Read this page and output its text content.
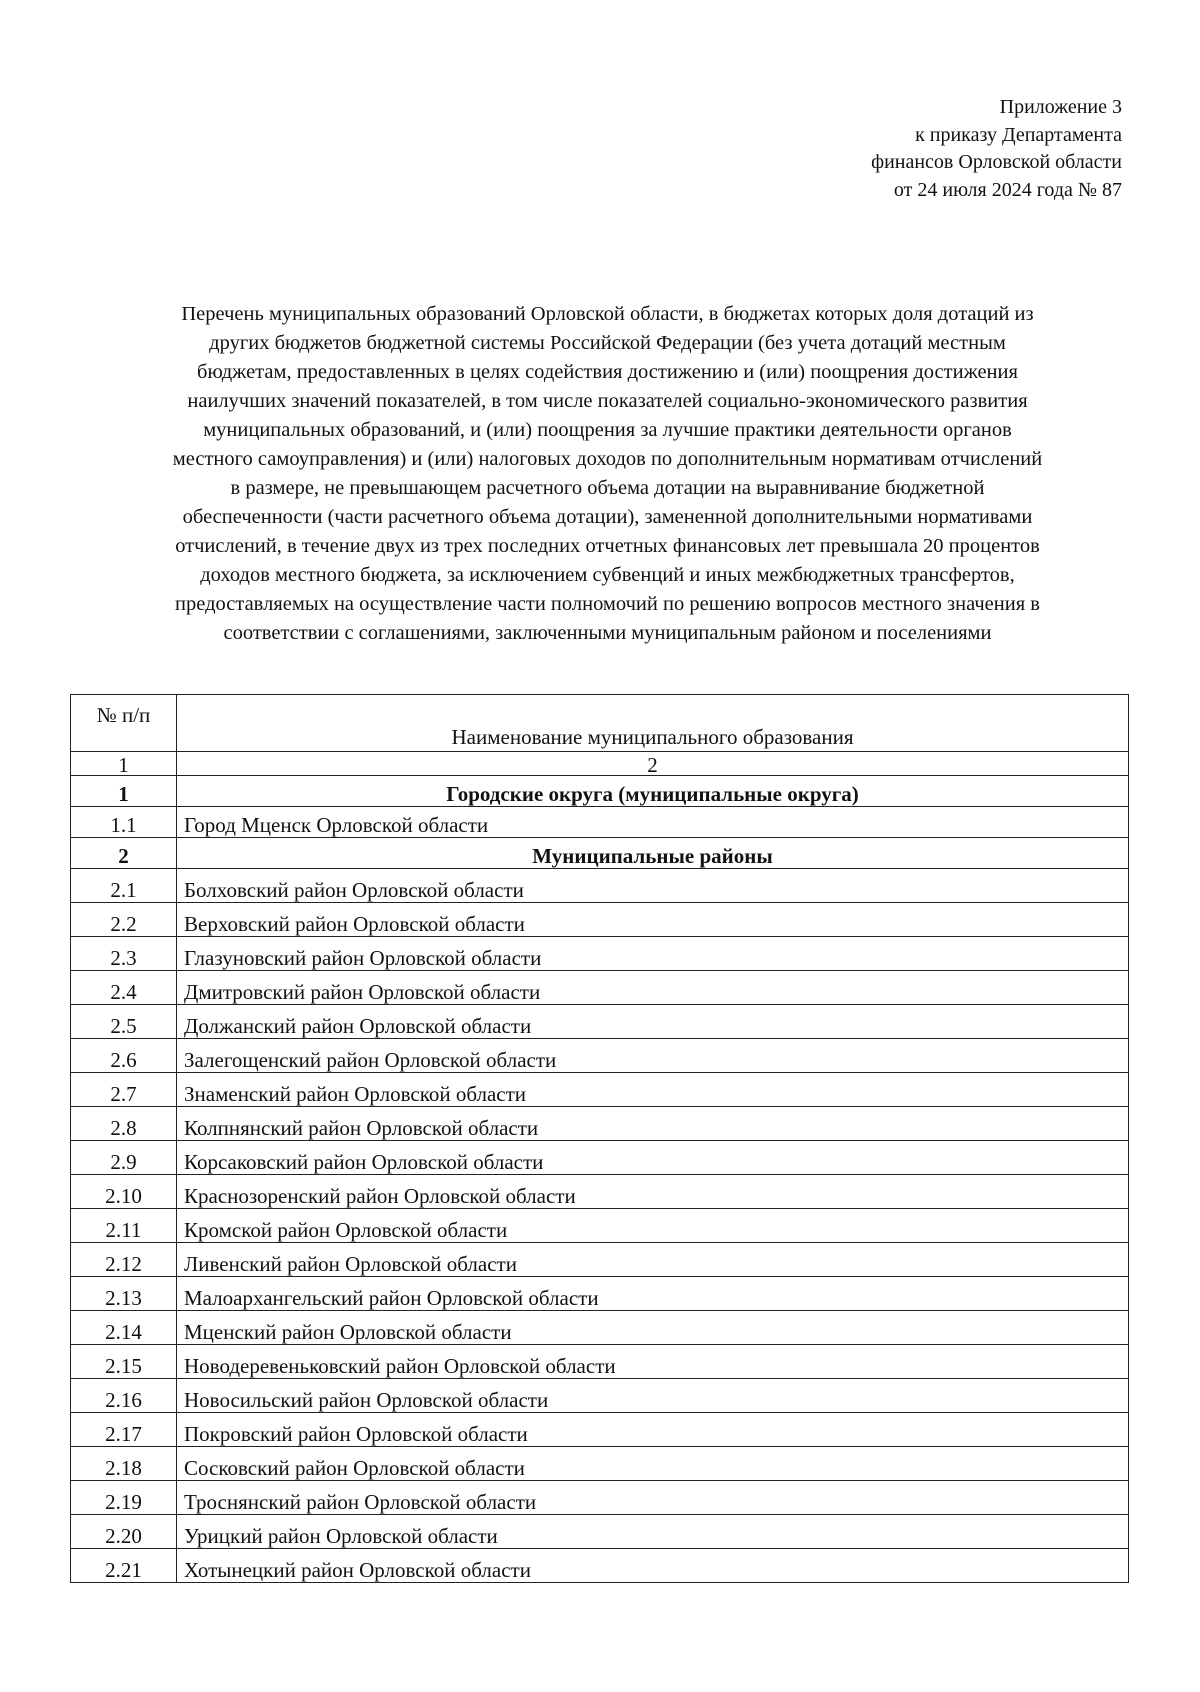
Приложение 3
к приказу Департамента
финансов Орловской области
от 24 июля 2024 года № 87
Перечень муниципальных образований Орловской области, в бюджетах которых доля дотаций из
других бюджетов бюджетной системы Российской Федерации (без учета дотаций местным
бюджетам, предоставленных в целях содействия достижению и (или) поощрения достижения
наилучших значений показателей, в том числе показателей социально-экономического развития
муниципальных образований, и (или) поощрения за лучшие практики деятельности органов
местного самоуправления) и (или) налоговых доходов по дополнительным нормативам отчислений
в размере, не превышающем расчетного объема дотации на выравнивание бюджетной
обеспеченности (части расчетного объема дотации), замененной дополнительными нормативами
отчислений, в течение двух из трех последних отчетных финансовых лет превышала 20 процентов
доходов местного бюджета, за исключением субвенций и иных межбюджетных трансфертов,
предоставляемых на осуществление части полномочий по решению вопросов местного значения в
соответствии с соглашениями, заключенными муниципальным районом и поселениями
№ п/п	Наименование муниципального образования
1	2
1	Городские округа (муниципальные округа)
1.1	Город Мценск Орловской области
2	Муниципальные районы
2.1	Болховский район Орловской области
2.2	Верховский район Орловской области
2.3	Глазуновский район Орловской области
2.4	Дмитровский район Орловской области
2.5	Должанский район Орловской области
2.6	Залегощенский район Орловской области
2.7	Знаменский район Орловской области
2.8	Колпнянский район Орловской области
2.9	Корсаковский район Орловской области
2.10	Краснозоренский район Орловской области
2.11	Кромской район Орловской области
2.12	Ливенский район Орловской области
2.13	Малоархангельский район Орловской области
2.14	Мценский район Орловской области
2.15	Новодеревеньковский район Орловской области
2.16	Новосильский район Орловской области
2.17	Покровский район Орловской области
2.18	Сосковский район Орловской области
2.19	Троснянский район Орловской области
2.20	Урицкий район Орловской области
2.21	Хотынецкий район Орловской области
